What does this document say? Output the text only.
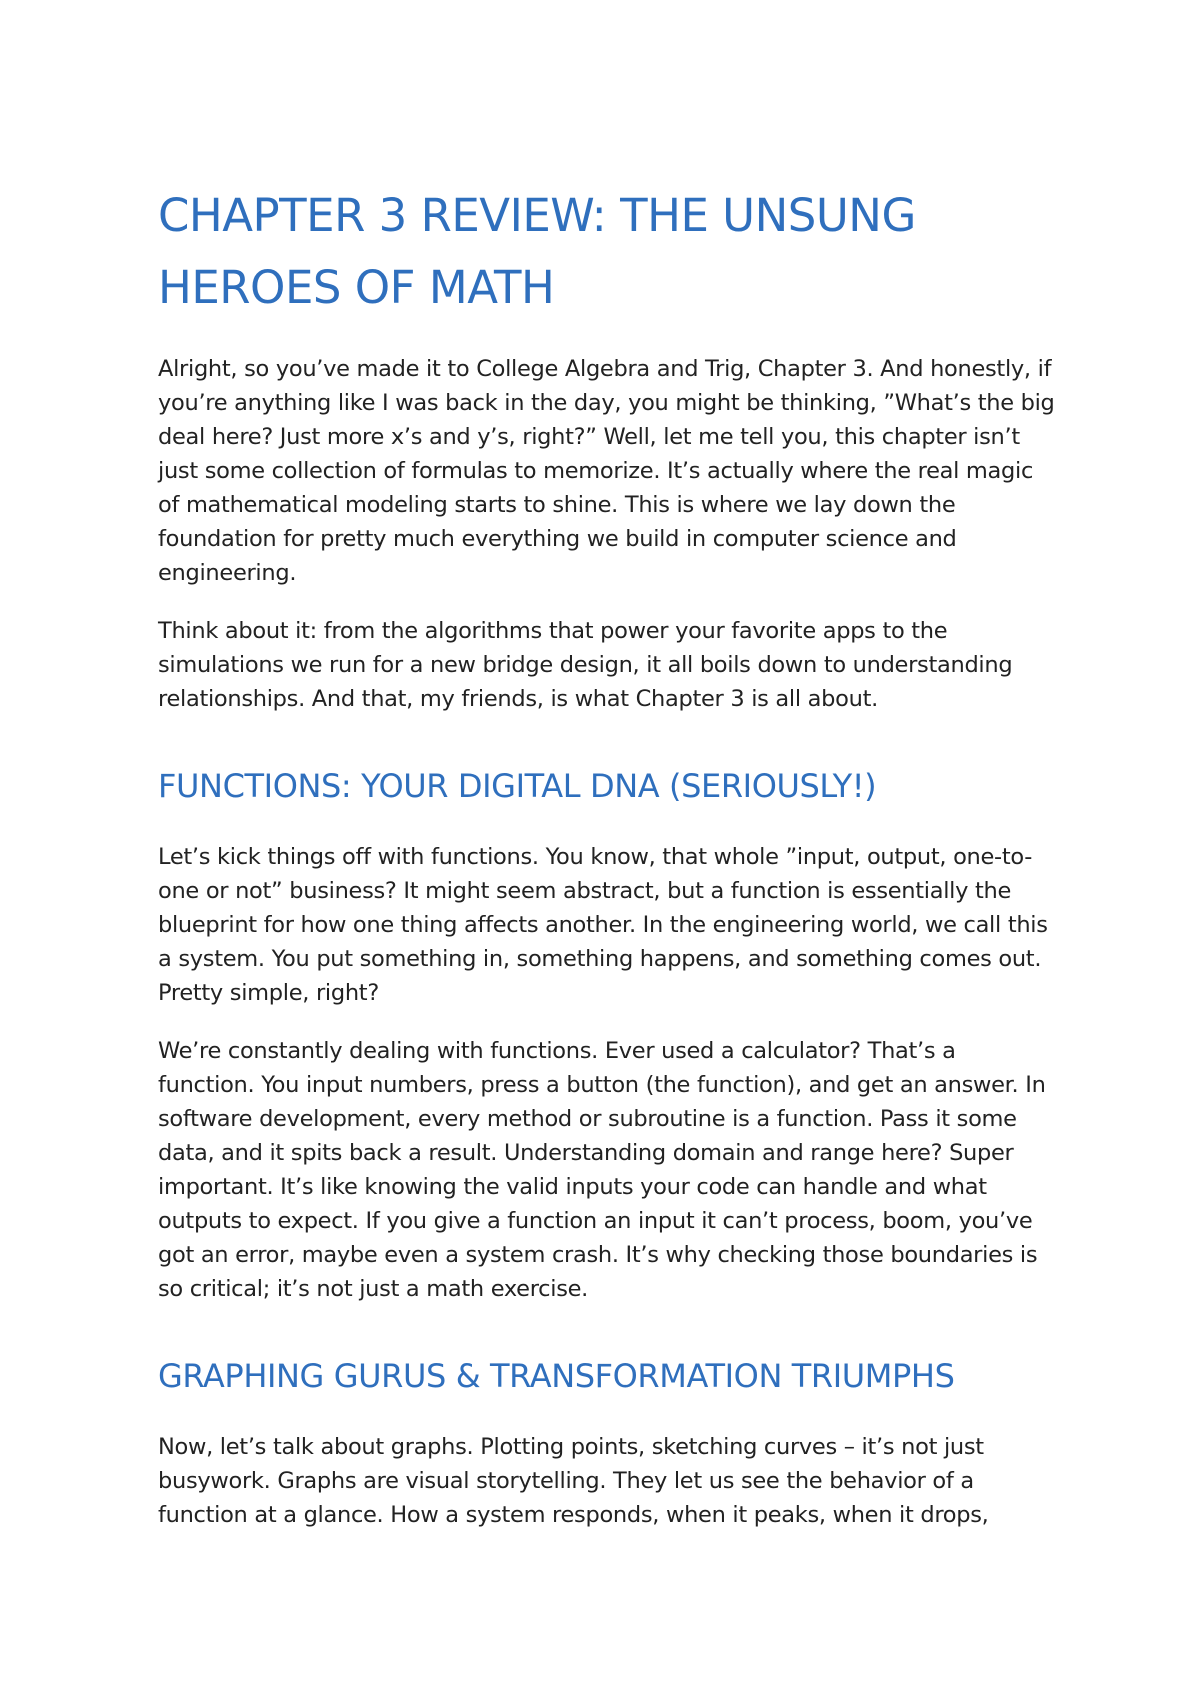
CHAPTER 3 REVIEW: THE UNSUNG
HEROES OF MATH

Alright, so you’ve made it to College Algebra and Trig, Chapter 3. And honestly, if you’re anything like I was back in the day, you might be thinking, ”What’s the big deal here? Just more x’s and y’s, right?” Well, let me tell you, this chapter isn’t just some collection of formulas to memorize. It’s actually where the real magic of mathematical modeling starts to shine. This is where we lay down the foundation for pretty much everything we build in computer science and engineering.

Think about it: from the algorithms that power your favorite apps to the simulations we run for a new bridge design, it all boils down to understanding relationships. And that, my friends, is what Chapter 3 is all about.

FUNCTIONS: YOUR DIGITAL DNA (SERIOUSLY!)

Let’s kick things off with functions. You know, that whole ”input, output, one-to-one or not” business? It might seem abstract, but a function is essentially the blueprint for how one thing affects another. In the engineering world, we call this a system. You put something in, something happens, and something comes out. Pretty simple, right?

We’re constantly dealing with functions. Ever used a calculator? That’s a function. You input numbers, press a button (the function), and get an answer. In software development, every method or subroutine is a function. Pass it some data, and it spits back a result. Understanding domain and range here? Super important. It’s like knowing the valid inputs your code can handle and what outputs to expect. If you give a function an input it can’t process, boom, you’ve got an error, maybe even a system crash. It’s why checking those boundaries is so critical; it’s not just a math exercise.

GRAPHING GURUS & TRANSFORMATION TRIUMPHS

Now, let’s talk about graphs. Plotting points, sketching curves – it’s not just busywork. Graphs are visual storytelling. They let us see the behavior of a function at a glance. How a system responds, when it peaks, when it drops,
